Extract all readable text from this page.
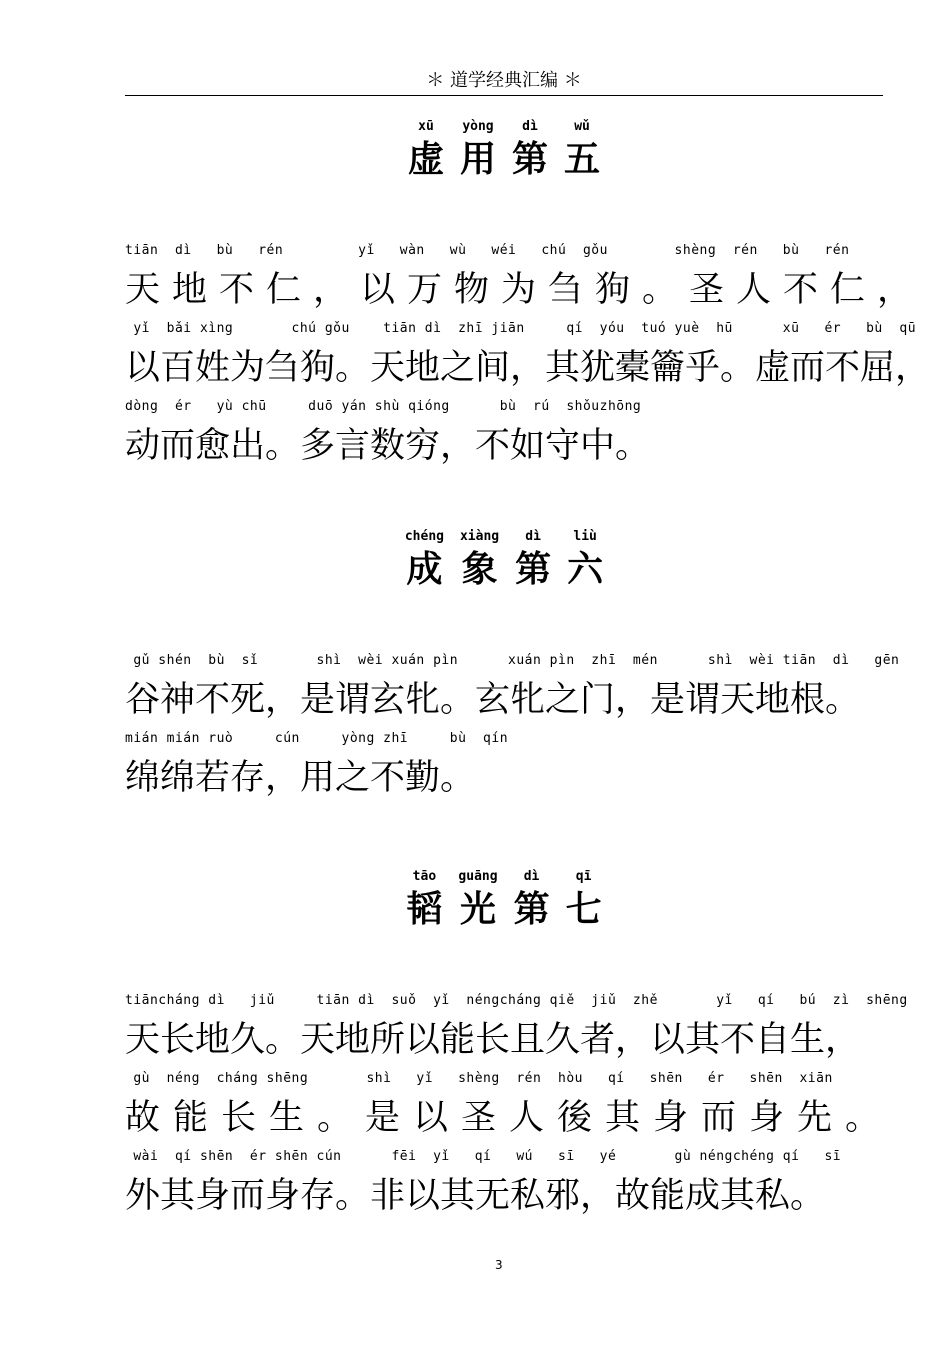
＊ 道学经典汇编 ＊
xū
虚
yòng
用
dì
第
wǔ
五
tiān  dì   bù   rén         yǐ   wàn   wù   wéi   chú  gǒu        shèng  rén   bù   rén
天地不仁，以万物为刍狗。圣人不仁，
yǐ  bǎi xìng       chú gǒu    tiān dì  zhī jiān     qí  yóu  tuó yuè  hū      xū   ér   bù  qū
以百姓为刍狗。天地之间，其犹橐籥乎。虚而不屈，
dòng  ér   yù chū     duō yán shù qióng      bù  rú  shǒuzhōng
动而愈出。多言数穷，不如守中。
chéng
成
xiàng
象
dì
第
liù
六
gǔ shén  bù  sǐ       shì  wèi xuán pìn      xuán pìn  zhī  mén      shì  wèi tiān  dì   gēn
谷神不死，是谓玄牝。玄牝之门，是谓天地根。
mián mián ruò     cún     yòng zhī     bù  qín
绵绵若存，用之不勤。
tāo
韬
guāng
光
dì
第
qī
七
tiāncháng dì   jiǔ     tiān dì  suǒ  yǐ  néngcháng qiě  jiǔ  zhě       yǐ   qí   bú  zì  shēng
天长地久。天地所以能长且久者，以其不自生，
gù  néng  cháng shēng       shì   yǐ   shèng  rén  hòu   qí   shēn   ér   shēn  xiān
故能长生。是以圣人後其身而身先。
wài  qí shēn  ér shēn cún      fēi  yǐ   qí   wú   sī   yé       gù néngchéng qí   sī
外其身而身存。非以其无私邪，故能成其私。
3
